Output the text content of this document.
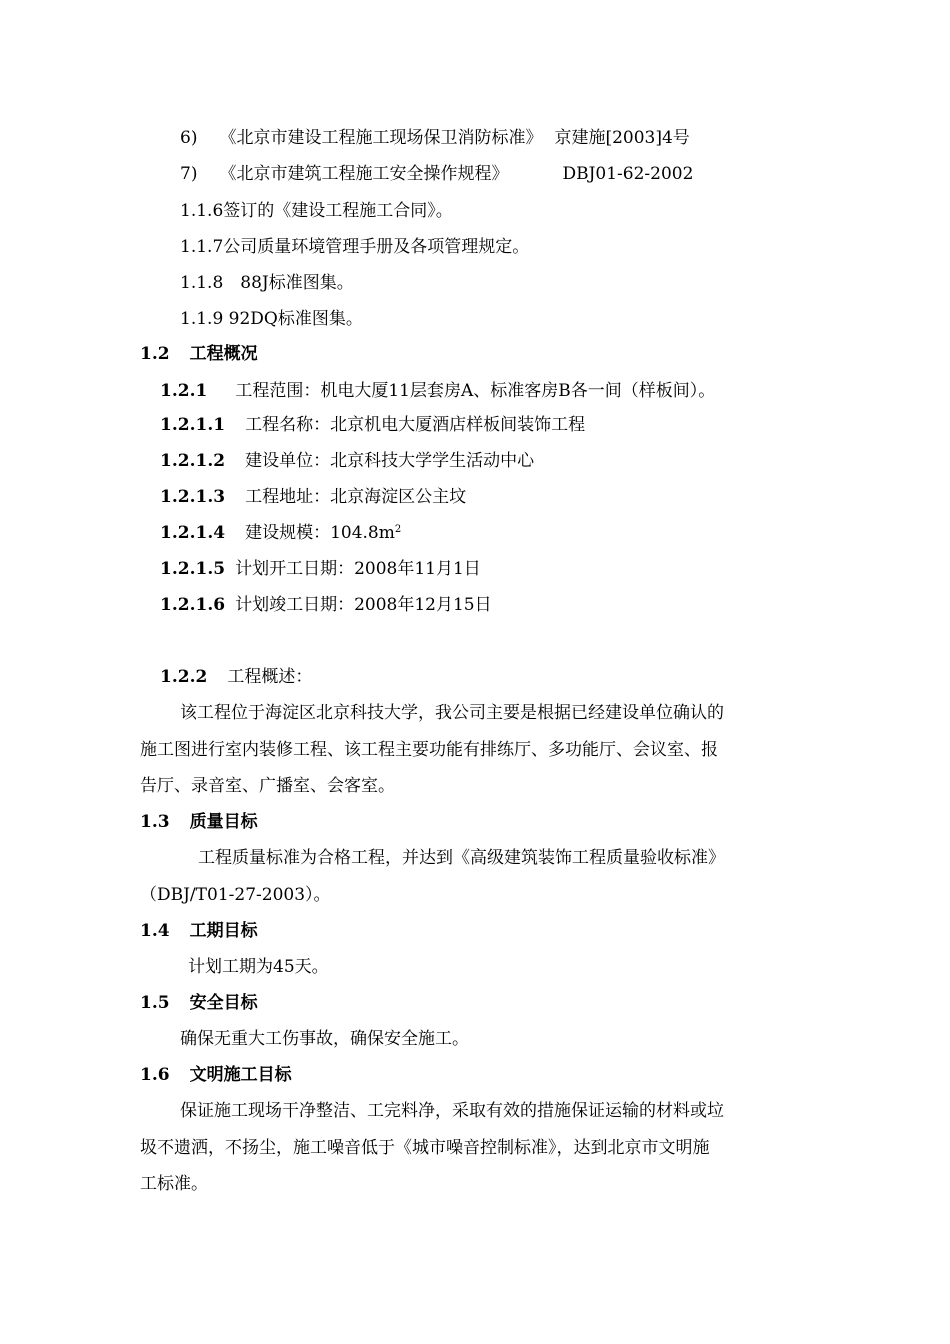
6) 《北京市建设工程施工现场保卫消防标准》 京建施[2003]4号
7) 《北京市建筑工程施工安全操作规程》	DBJ01-62-2002
1.1.6签订的《建设工程施工合同》。
1.1.7公司质量环境管理手册及各项管理规定。
1.1.8　88J标准图集。
1.1.9 92DQ标准图集。
1.2 工程概况
1.2.1 工程范围：机电大厦11层套房A、标准客房B各一间（样板间）。
1.2.1.1 工程名称：北京机电大厦酒店样板间装饰工程
1.2.1.2 建设单位：北京科技大学学生活动中心
1.2.1.3 工程地址：北京海淀区公主坟
1.2.1.4 建设规模：$104.8m^2$
1.2.1.5 计划开工日期：2008年11月1日
1.2.1.6 计划竣工日期：2008年12月15日
1.2.2 工程概述：
该工程位于海淀区北京科技大学，我公司主要是根据已经建设单位确认的
施工图进行室内装修工程、该工程主要功能有排练厅、多功能厅、会议室、报
告厅、录音室、广播室、会客室。
1.3 质量目标
工程质量标准为合格工程，并达到《高级建筑装饰工程质量验收标准》
（DBJ/T01-27-2003）。
1.4 工期目标
计划工期为45天。
1.5 安全目标
确保无重大工伤事故，确保安全施工。
1.6 文明施工目标
保证施工现场干净整洁、工完料净，采取有效的措施保证运输的材料或垃
圾不遗洒，不扬尘，施工噪音低于《城市噪音控制标准》，达到北京市文明施
工标准。
